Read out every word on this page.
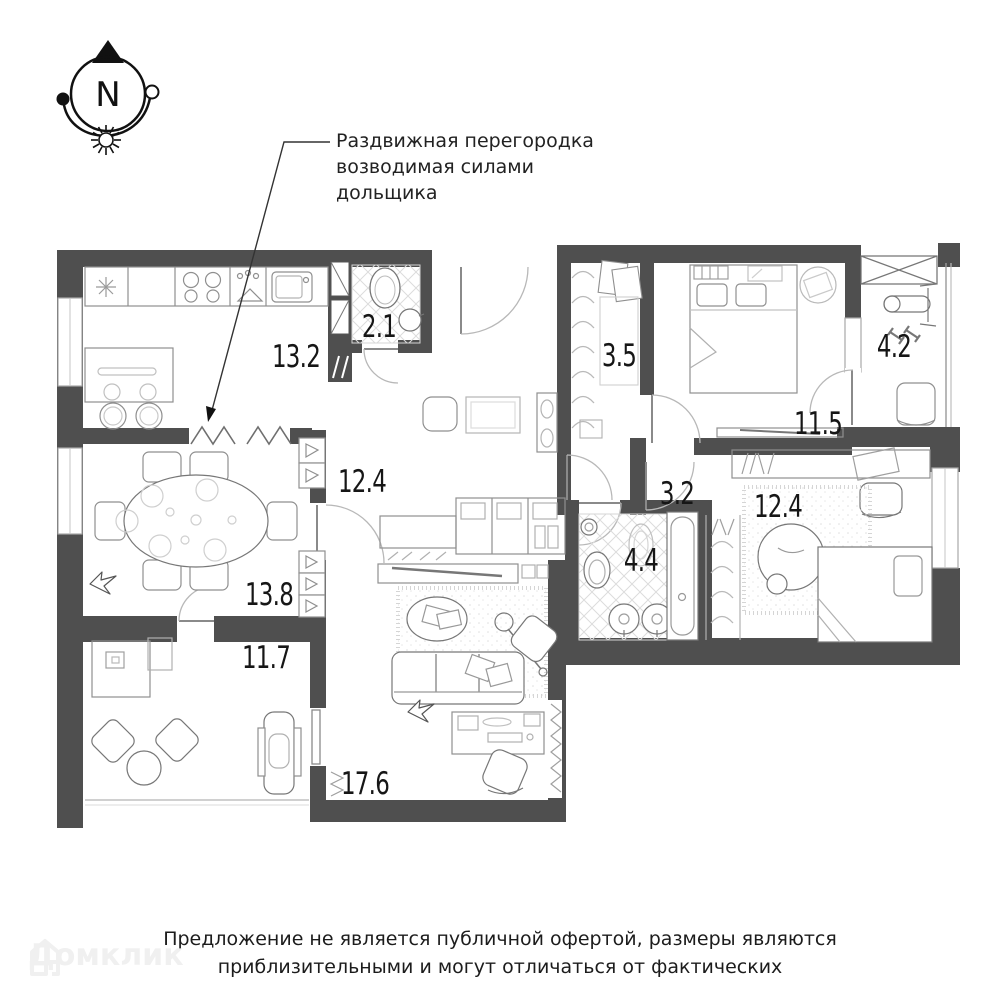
N
13.2
2.1
3.5	4.2
11.5
12.4	3.2
4.4
12.4
13.8
11.7
17.6
Раздвижная перегородка
возводимая силами
дольщика
Предложение не является публичной офертой, размеры являются
приблизительными и могут отличаться от фактических
Домклик
